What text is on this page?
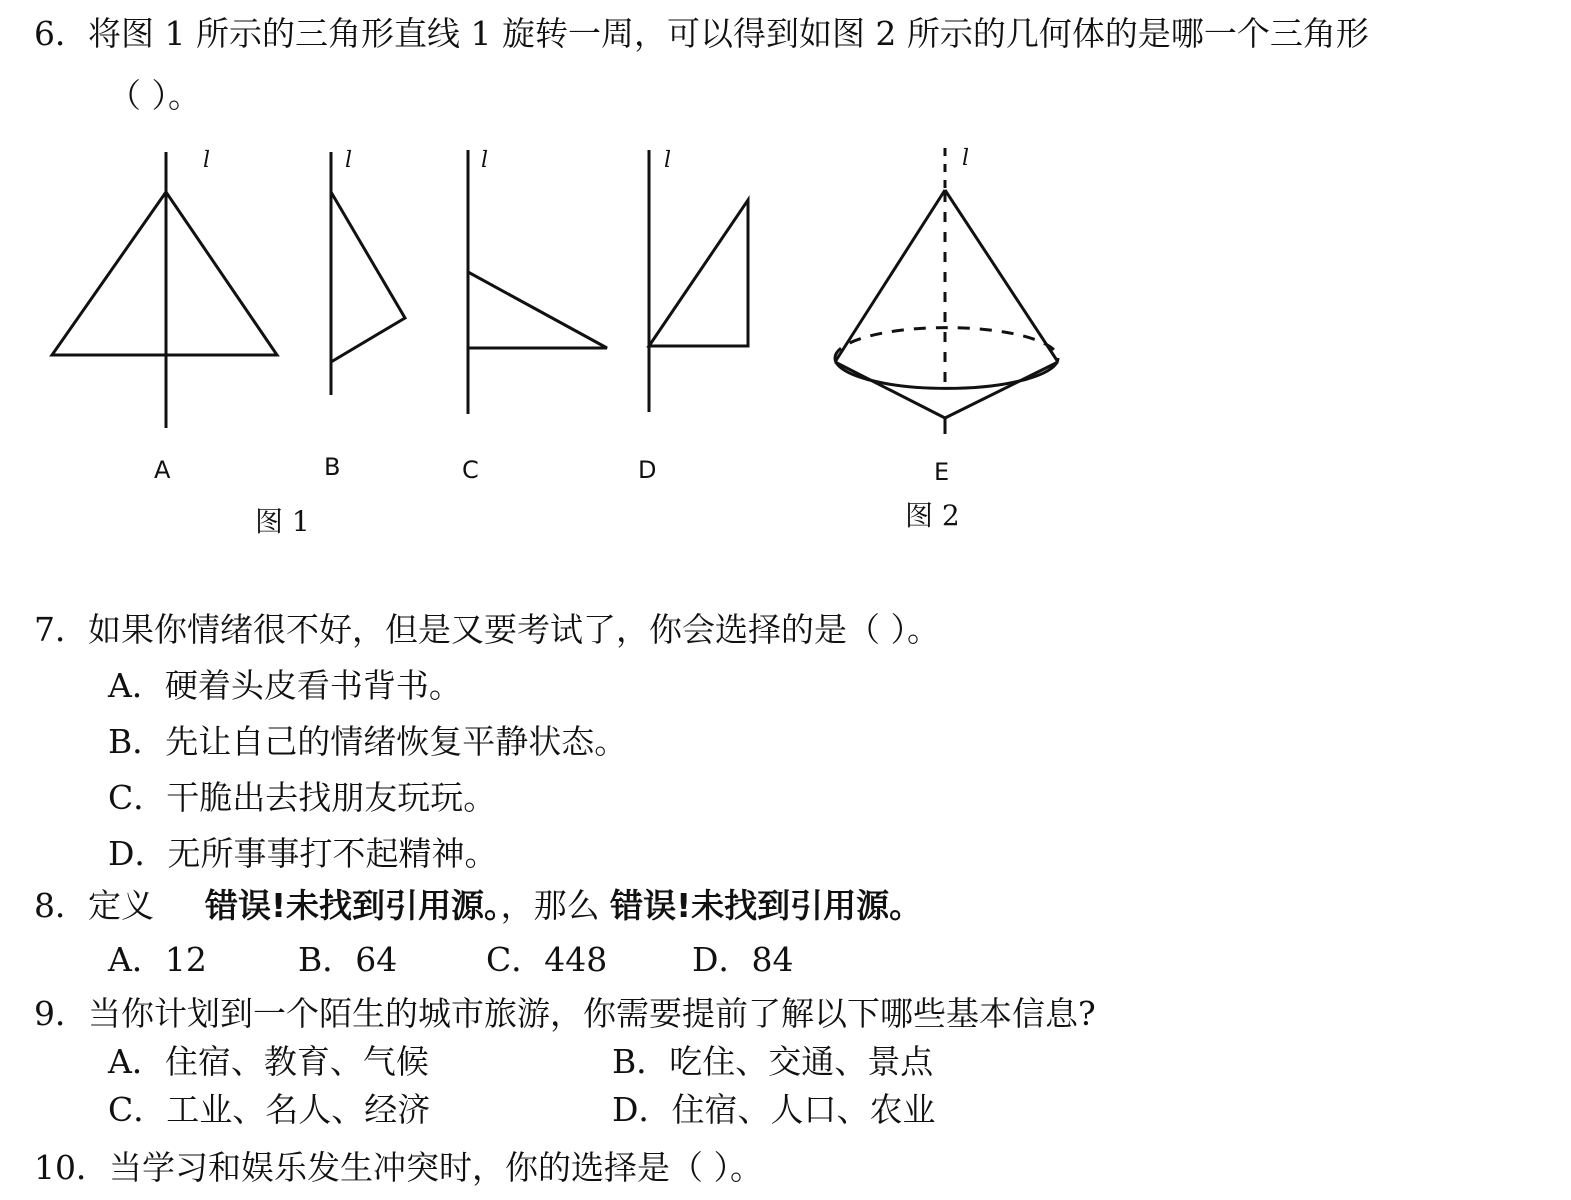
6．将图 1 所示的三角形直线 1 旋转一周，可以得到如图 2 所示的几何体的是哪一个三角形
（ ）。
l	l	l	l	l
A	B	C	D	E
图 1	图 2
7．如果你情绪很不好，但是又要考试了，你会选择的是（ ）。
A．硬着头皮看书背书。
B．先让自己的情绪恢复平静状态。
C．干脆出去找朋友玩玩。
D．无所事事打不起精神。
8．定义 错误!未找到引用源。，那么 错误!未找到引用源。
A．12	B．64	C．448	D．84
9．当你计划到一个陌生的城市旅游，你需要提前了解以下哪些基本信息?
A．住宿、教育、气候	B．吃住、交通、景点
C．工业、名人、经济	D．住宿、人口、农业
10．当学习和娱乐发生冲突时，你的选择是（ ）。
